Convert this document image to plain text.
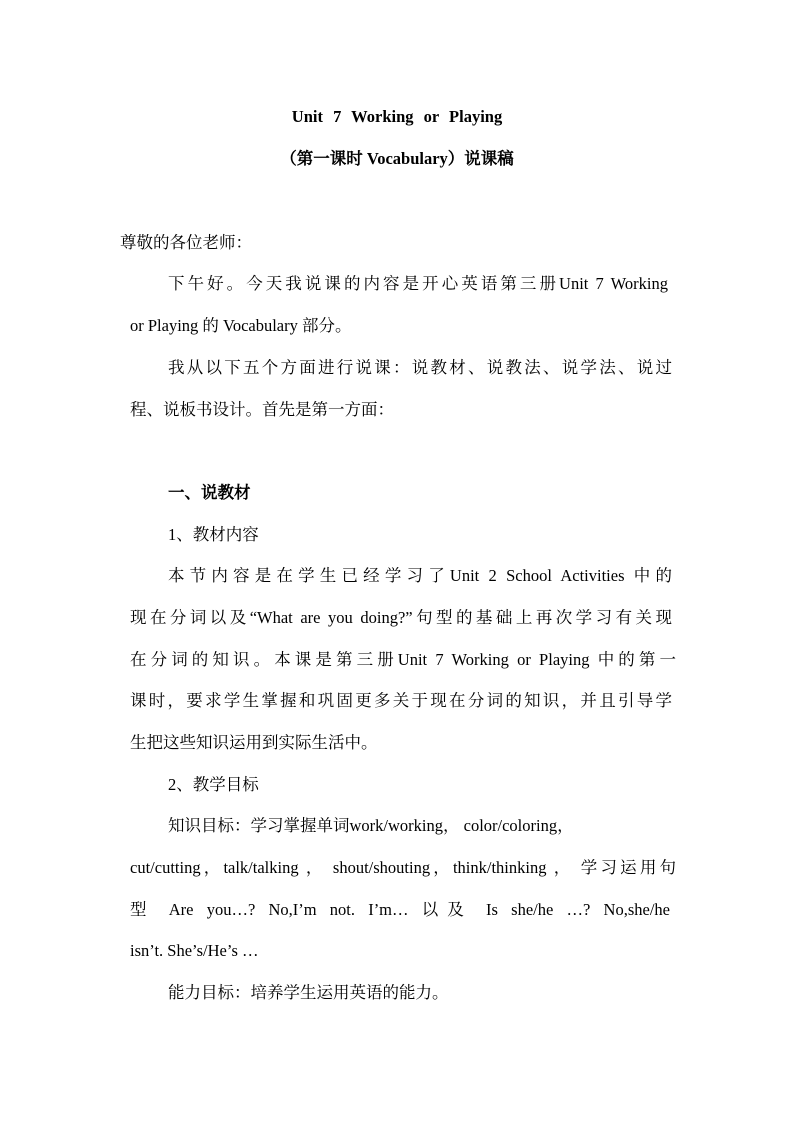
Unit 7 Working or Playing
（第一课时 Vocabulary）说课稿
尊敬的各位老师：
下午好。今天我说课的内容是开心英语第三册Unit 7 Working
or Playing 的 Vocabulary 部分。
我从以下五个方面进行说课：说教材、说教法、说学法、说过
程、说板书设计。首先是第一方面：
一、说教材
1、教材内容
本节内容是在学生已经学习了Unit 2 School Activities 中的
现在分词以及“What are you doing?”句型的基础上再次学习有关现
在分词的知识。本课是第三册Unit 7 Working or Playing 中的第一
课时，要求学生掌握和巩固更多关于现在分词的知识，并且引导学
生把这些知识运用到实际生活中。
2、教学目标
知识目标：学习掌握单词work/working， color/coloring，
cut/cutting，talk/talking ， shout/shouting，think/thinking ， 学习运用句
型 Are you…? No,I’m not. I’m… 以及 Is she/he …? No,she/he
isn’t. She’s/He’s …
能力目标：培养学生运用英语的能力。
